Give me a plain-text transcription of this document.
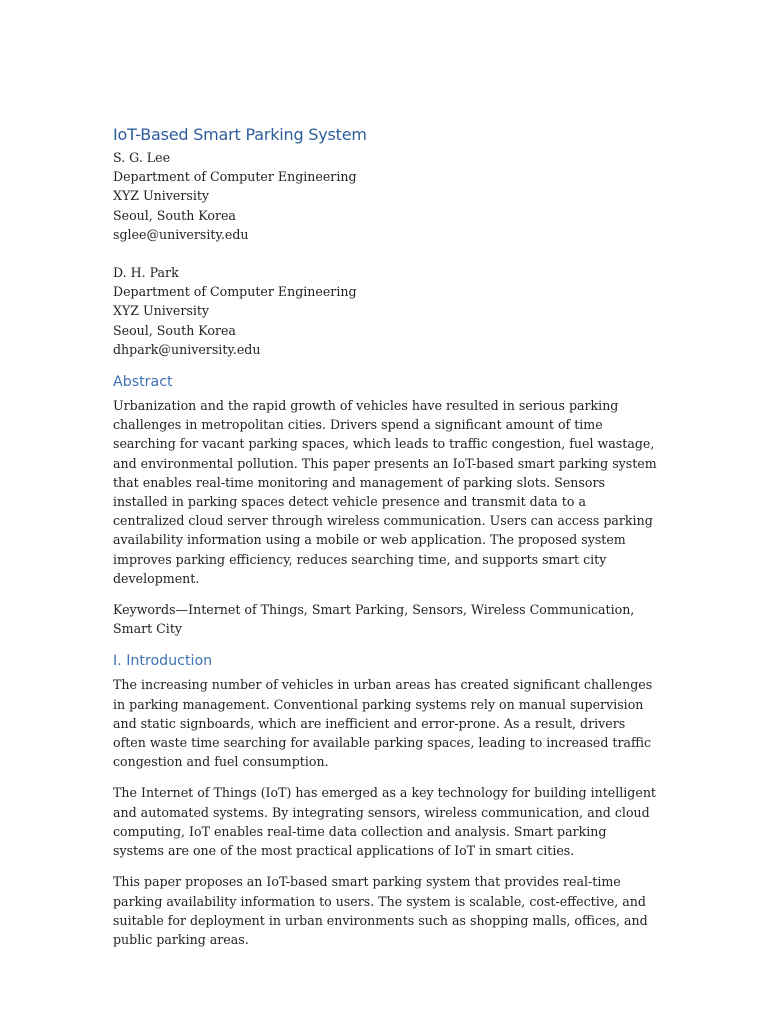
IoT-Based Smart Parking System
S. G. Lee
Department of Computer Engineering
XYZ University
Seoul, South Korea
sglee@university.edu
D. H. Park
Department of Computer Engineering
XYZ University
Seoul, South Korea
dhpark@university.edu
Abstract

Urbanization and the rapid growth of vehicles have resulted in serious parking challenges in metropolitan cities. Drivers spend a significant amount of time searching for vacant parking spaces, which leads to traffic congestion, fuel wastage, and environmental pollution. This paper presents an IoT-based smart parking system that enables real-time monitoring and management of parking slots. Sensors installed in parking spaces detect vehicle presence and transmit data to a centralized cloud server through wireless communication. Users can access parking availability information using a mobile or web application. The proposed system improves parking efficiency, reduces searching time, and supports smart city development.

Keywords—Internet of Things, Smart Parking, Sensors, Wireless Communication, Smart City

I. Introduction

The increasing number of vehicles in urban areas has created significant challenges in parking management. Conventional parking systems rely on manual supervision and static signboards, which are inefficient and error-prone. As a result, drivers often waste time searching for available parking spaces, leading to increased traffic congestion and fuel consumption.

The Internet of Things (IoT) has emerged as a key technology for building intelligent and automated systems. By integrating sensors, wireless communication, and cloud computing, IoT enables real-time data collection and analysis. Smart parking systems are one of the most practical applications of IoT in smart cities.

This paper proposes an IoT-based smart parking system that provides real-time parking availability information to users. The system is scalable, cost-effective, and suitable for deployment in urban environments such as shopping malls, offices, and public parking areas.
